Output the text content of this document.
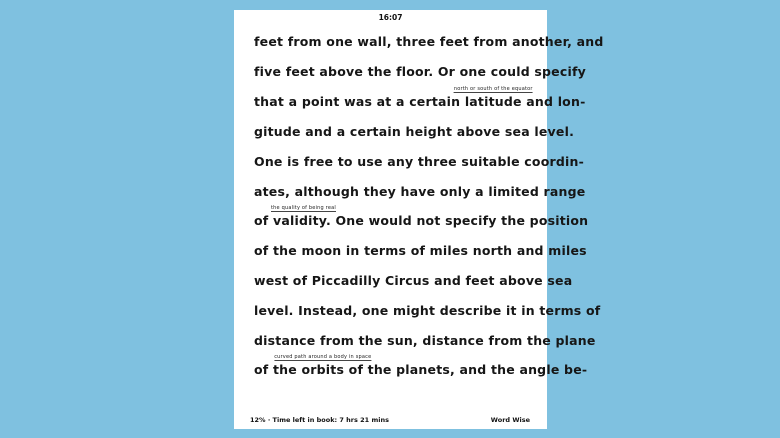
16:07
feet from one wall, three feet from another, and
five feet above the floor. Or one could specify
that a point was at a certain
north or south of the equator
latitude and lon-
gitude and a certain height above sea level.
One is free to use any three suitable coordin-
ates, although they have only a limited range
of
the quality of being real
validity. One would not specify the position
of the moon in terms of miles north and miles
west of Piccadilly Circus and feet above sea
level. Instead, one might describe it in terms of
distance from the sun, distance from the plane
of the
curved path around a body in space
orbits of the planets, and the angle be-
12% · Time left in book: 7 hrs 21 mins	Word Wise
